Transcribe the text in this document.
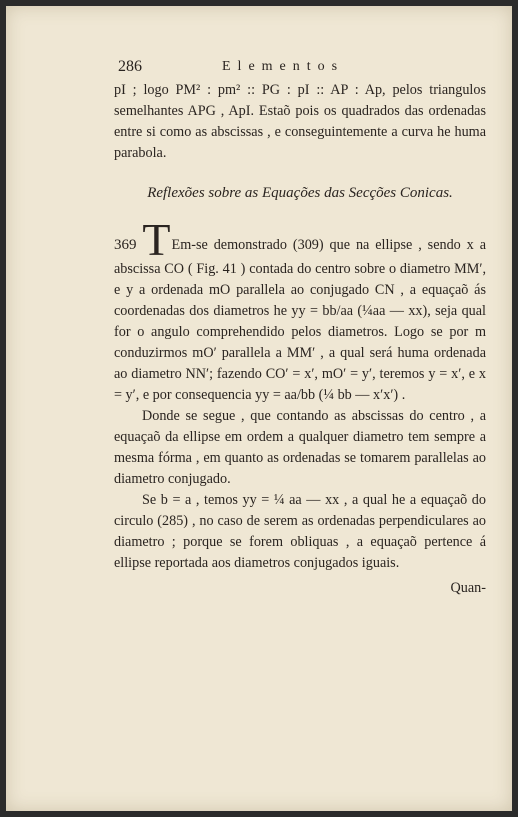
286	Elementos

pI ; logo PM² : pm² :: PG : pI :: AP : Ap, pelos triangulos semelhantes APG , ApI. Estaõ pois os quadrados das ordenadas entre si como as abscissas , e conseguintemente a curva he huma parabola.

Reflexões sobre as Equações das Secções Conicas.

369 TEm-se demonstrado (309) que na ellipse , sendo x a abscissa CO ( Fig. 41 ) contada do centro sobre o diametro MM′, e y a ordenada mO parallela ao conjugado CN , a equaçaõ ás coordenadas dos diametros he yy = bb/aa (¼aa — xx), seja qual for o angulo comprehendido pelos diametros. Logo se por m conduzirmos mO′ parallela a MM′ , a qual será huma ordenada ao diametro NN′; fazendo CO′ = x′, mO′ = y′, teremos y = x′, e x = y′, e por consequencia yy = aa/bb (¼ bb — x′x′) .

Donde se segue , que contando as abscissas do centro , a equaçaõ da ellipse em ordem a qualquer diametro tem sempre a mesma fórma , em quanto as ordenadas se tomarem parallelas ao diametro conjugado.

Se b = a , temos yy = ¼ aa — xx , a qual he a equaçaõ do circulo (285) , no caso de serem as ordenadas perpendiculares ao diametro ; porque se forem obliquas , a equaçaõ pertence á ellipse reportada aos diametros conjugados iguais.

Quan-
